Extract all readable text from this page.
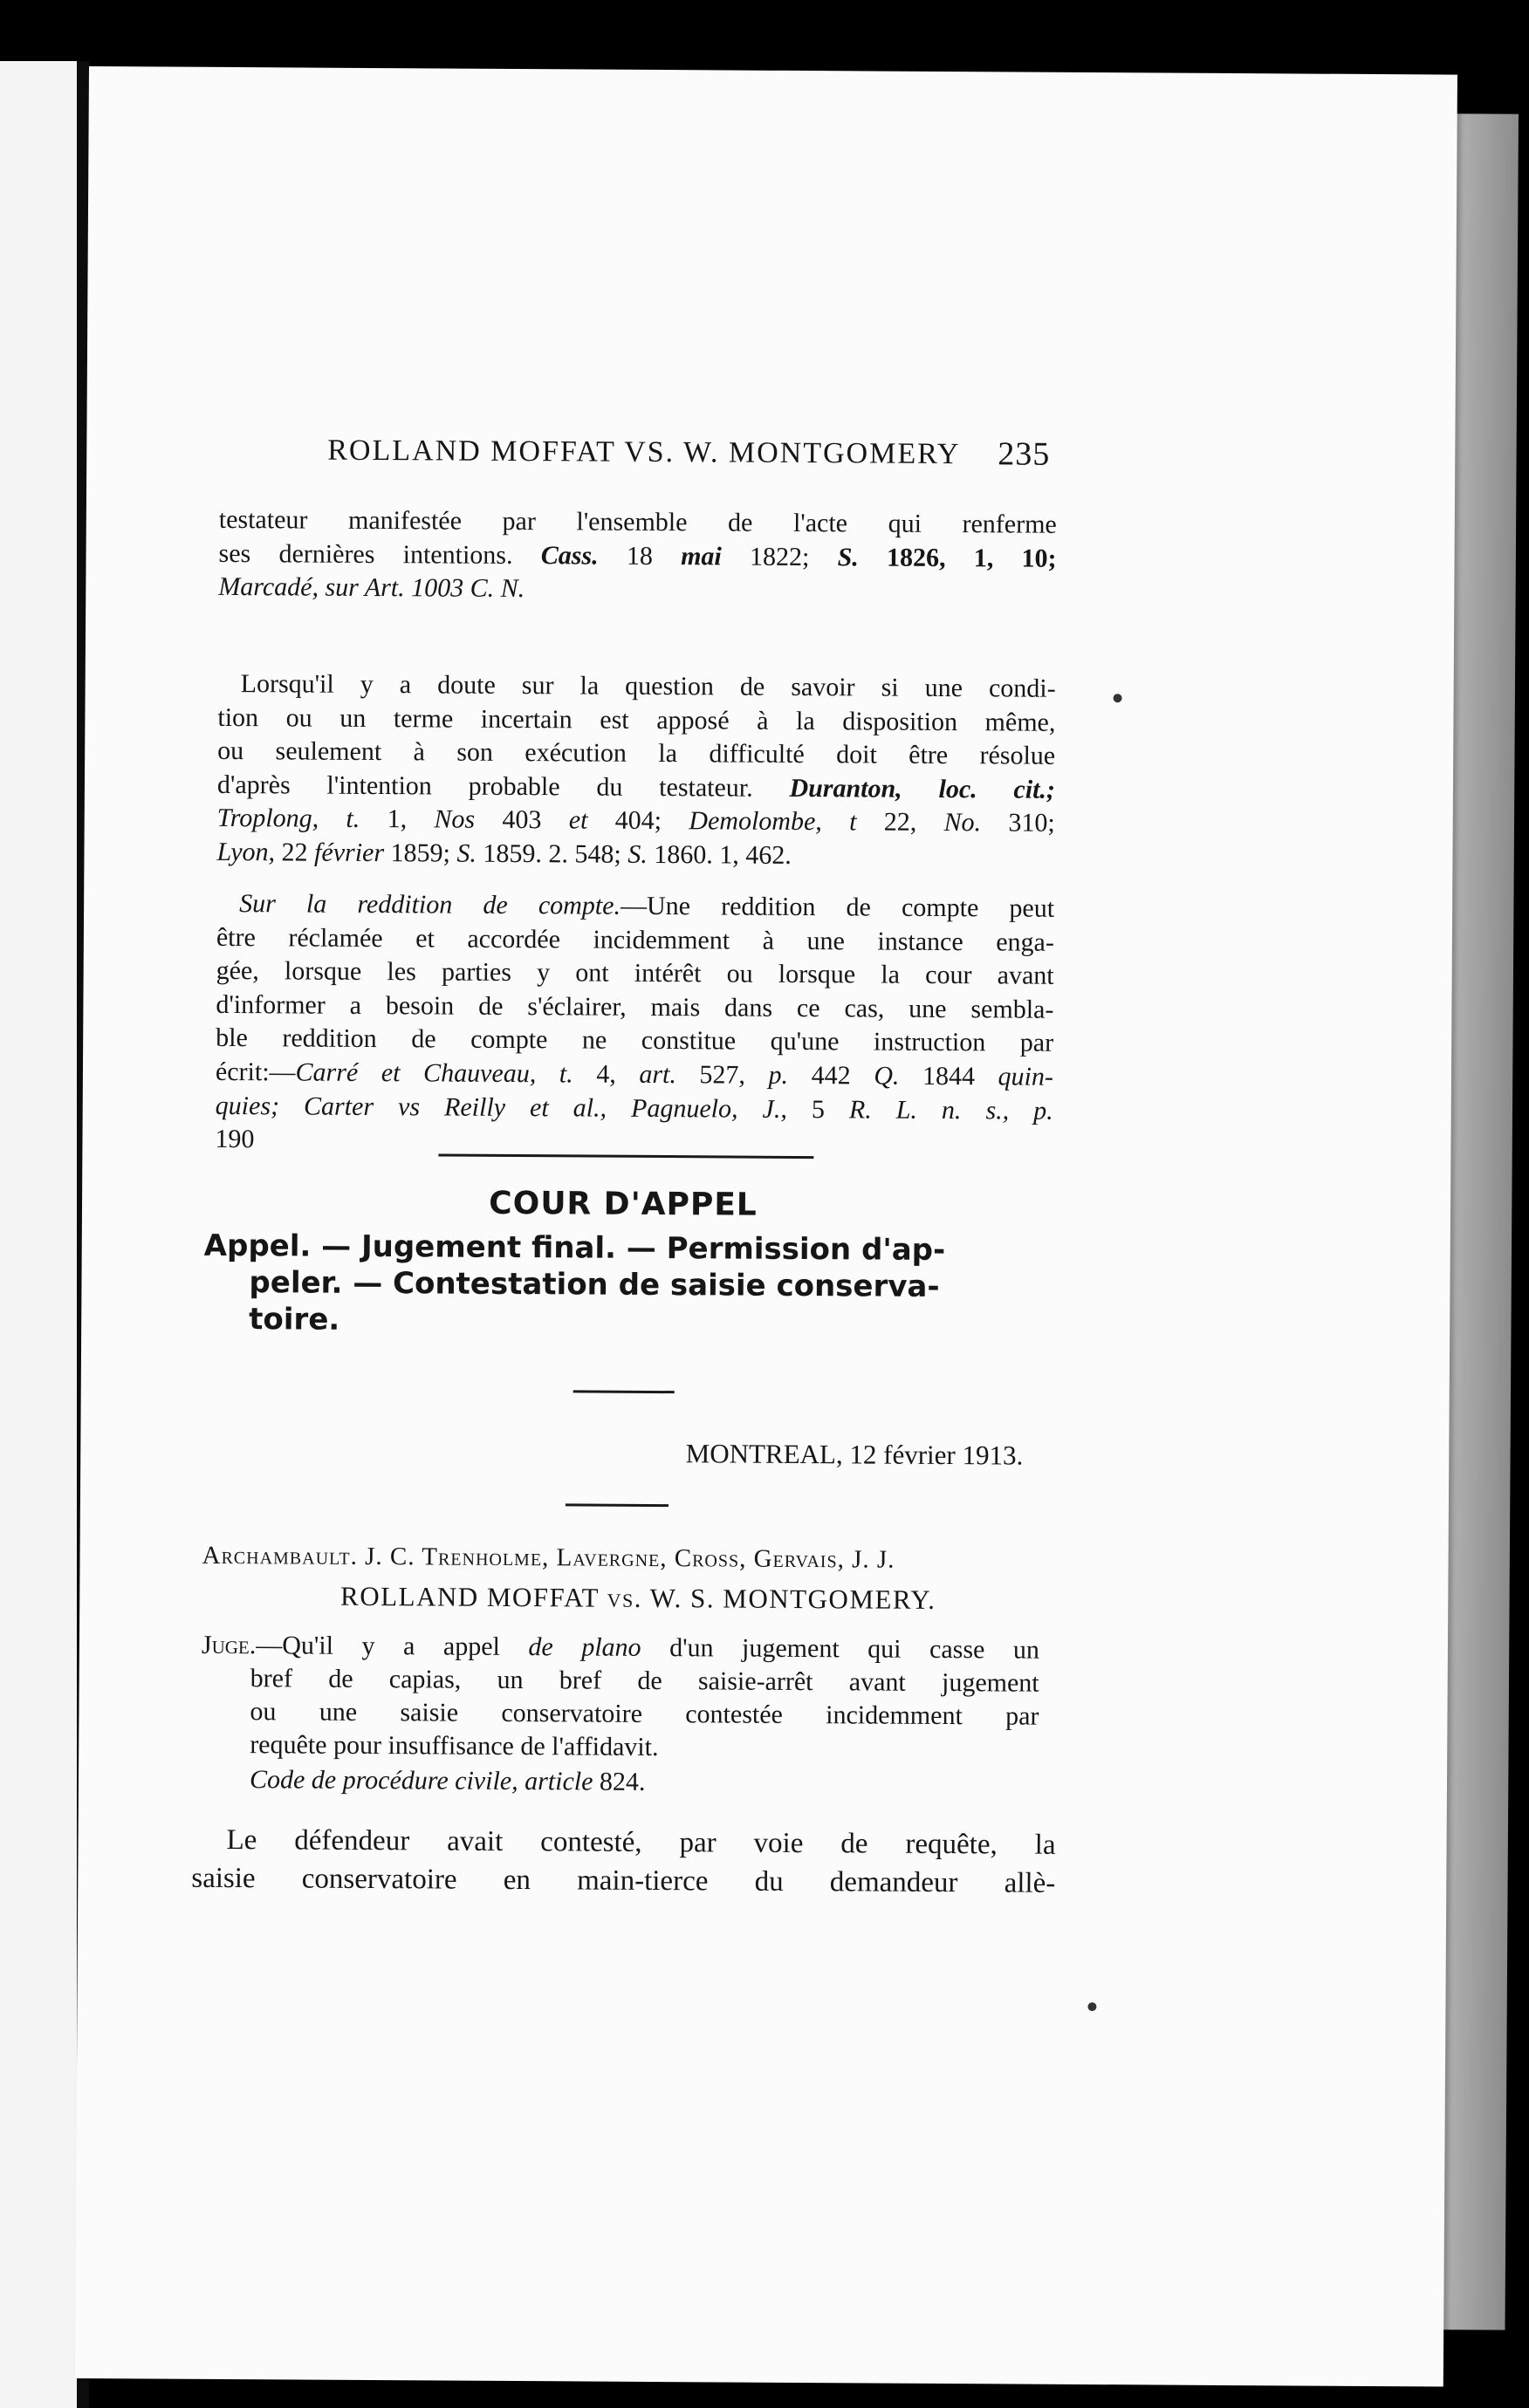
ROLLAND MOFFAT VS. W. MONTGOMERY	235
testateur manifestée par l'ensemble de l'acte qui renferme
ses dernières intentions. Cass. 18 mai 1822; S. 1826, 1, 10;
Marcadé, sur Art. 1003 C. N.
Lorsqu'il y a doute sur la question de savoir si une condi-
tion ou un terme incertain est apposé à la disposition même,
ou seulement à son exécution la difficulté doit être résolue
d'après l'intention probable du testateur. Duranton, loc. cit.;
Troplong, t. 1, Nos 403 et 404; Demolombe, t 22, No. 310;
Lyon, 22 février 1859; S. 1859. 2. 548; S. 1860. 1, 462.
Sur la reddition de compte.—Une reddition de compte peut
être réclamée et accordée incidemment à une instance enga-
gée, lorsque les parties y ont intérêt ou lorsque la cour avant
d'informer a besoin de s'éclairer, mais dans ce cas, une sembla-
ble reddition de compte ne constitue qu'une instruction par
écrit:—Carré et Chauveau, t. 4, art. 527, p. 442 Q. 1844 quin-
quies; Carter vs Reilly et al., Pagnuelo, J., 5 R. L. n. s., p.
190
COUR D'APPEL
Appel. — Jugement final. — Permission d'ap-
peler. — Contestation de saisie conserva-
toire.
MONTREAL, 12 février 1913.
Archambault. J. C. Trenholme, Lavergne, Cross, Gervais, J. J.
ROLLAND MOFFAT vs. W. S. MONTGOMERY.
Juge.—Qu'il y a appel de plano d'un jugement qui casse un
bref de capias, un bref de saisie-arrêt avant jugement
ou une saisie conservatoire contestée incidemment par
requête pour insuffisance de l'affidavit.
Code de procédure civile, article 824.
Le défendeur avait contesté, par voie de requête, la
saisie conservatoire en main-tierce du demandeur allè-
